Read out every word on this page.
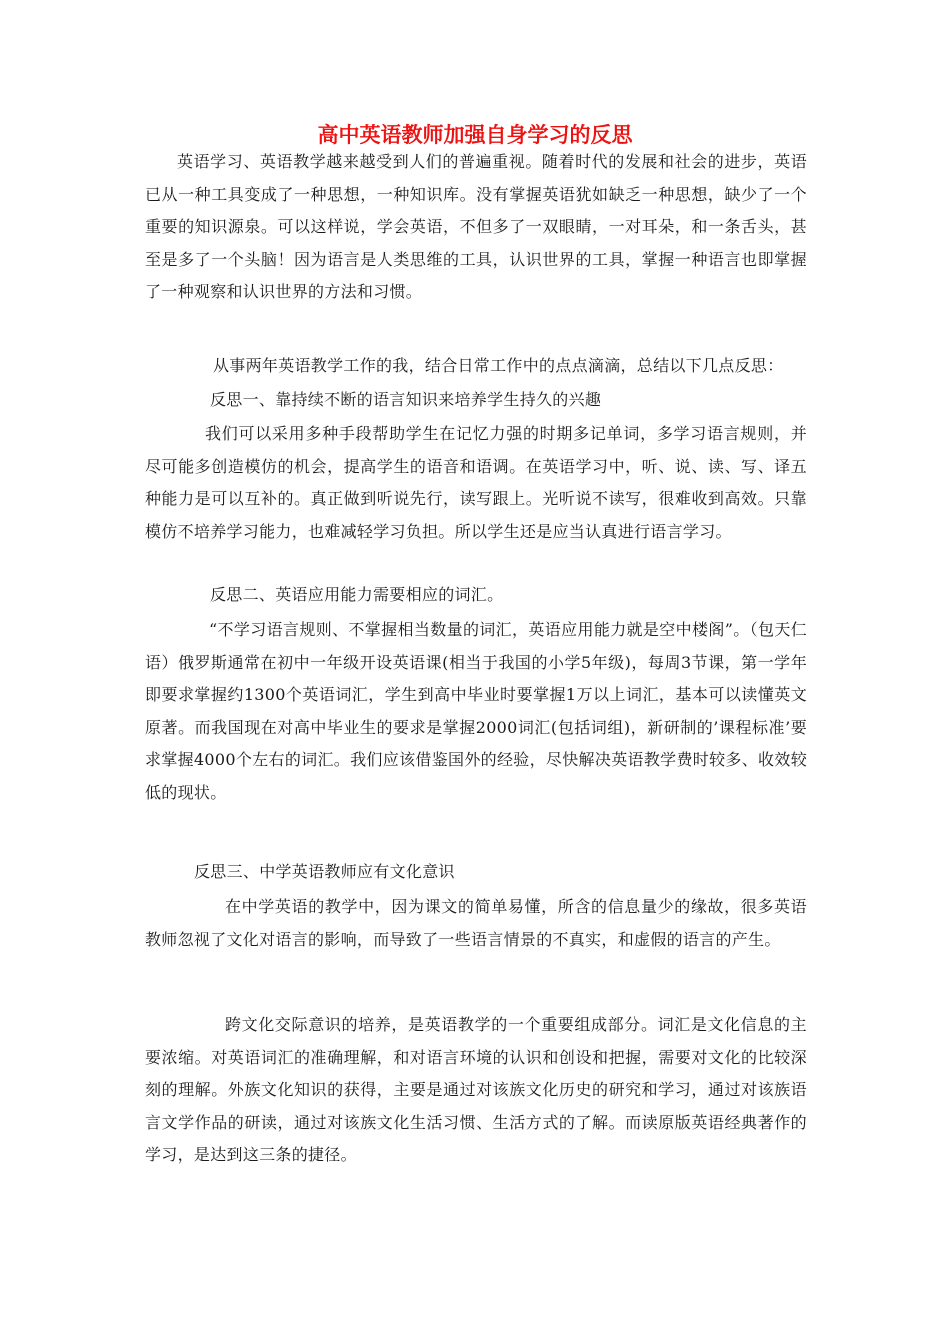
高中英语教师加强自身学习的反思
英语学习、英语教学越来越受到人们的普遍重视。随着时代的发展和社会的进步，英语已从一种工具变成了一种思想，一种知识库。没有掌握英语犹如缺乏一种思想，缺少了一个重要的知识源泉。可以这样说，学会英语，不但多了一双眼睛，一对耳朵，和一条舌头，甚至是多了一个头脑！因为语言是人类思维的工具，认识世界的工具，掌握一种语言也即掌握了一种观察和认识世界的方法和习惯。
从事两年英语教学工作的我，结合日常工作中的点点滴滴，总结以下几点反思：
反思一、靠持续不断的语言知识来培养学生持久的兴趣
我们可以采用多种手段帮助学生在记忆力强的时期多记单词，多学习语言规则，并尽可能多创造模仿的机会，提高学生的语音和语调。在英语学习中，听、说、读、写、译五种能力是可以互补的。真正做到听说先行，读写跟上。光听说不读写，很难收到高效。只靠模仿不培养学习能力，也难减轻学习负担。所以学生还是应当认真进行语言学习。
反思二、英语应用能力需要相应的词汇。
“不学习语言规则、不掌握相当数量的词汇，英语应用能力就是空中楼阁”。（包天仁语）俄罗斯通常在初中一年级开设英语课(相当于我国的小学5年级)，每周3节课，第一学年即要求掌握约1300个英语词汇，学生到高中毕业时要掌握1万以上词汇，基本可以读懂英文原著。而我国现在对高中毕业生的要求是掌握2000词汇(包括词组)，新研制的’课程标准’要求掌握4000个左右的词汇。我们应该借鉴国外的经验，尽快解决英语教学费时较多、收效较低的现状。
反思三、中学英语教师应有文化意识
在中学英语的教学中，因为课文的简单易懂，所含的信息量少的缘故，很多英语教师忽视了文化对语言的影响，而导致了一些语言情景的不真实，和虚假的语言的产生。
跨文化交际意识的培养，是英语教学的一个重要组成部分。词汇是文化信息的主要浓缩。对英语词汇的准确理解，和对语言环境的认识和创设和把握，需要对文化的比较深刻的理解。外族文化知识的获得，主要是通过对该族文化历史的研究和学习，通过对该族语言文学作品的研读，通过对该族文化生活习惯、生活方式的了解。而读原版英语经典著作的学习，是达到这三条的捷径。
